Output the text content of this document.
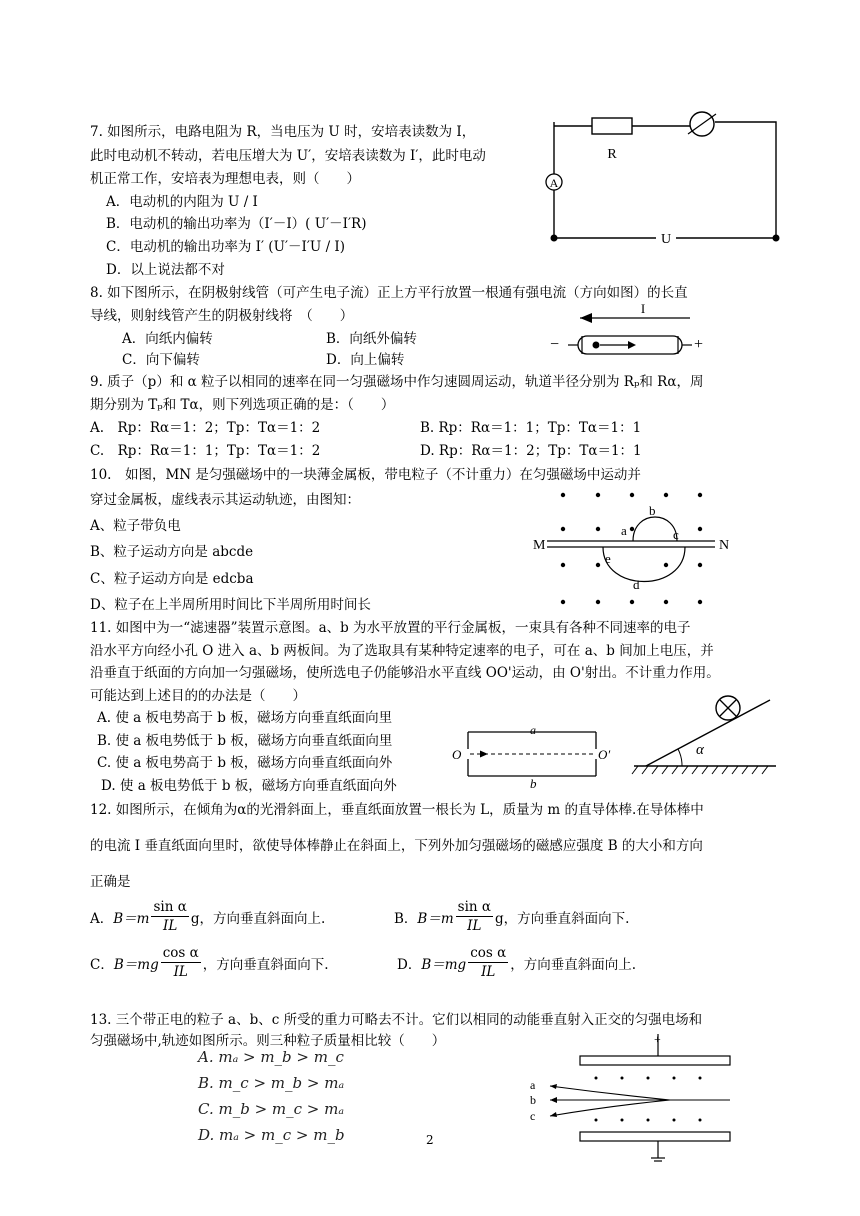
7. 如图所示，电路电阻为 R，当电压为 U 时，安培表读数为 I，
此时电动机不转动，若电压增大为 U′，安培表读数为 I′，此时电动
机正常工作，安培表为理想电表，则（　　）
A．电动机的内阻为 U / I
B．电动机的输出功率为（I′－I）( U′－I′R)
C．电动机的输出功率为 I′ (U′－I′U / I)
D．以上说法都不对
A
R
U
8. 如下图所示，在阴极射线管（可产生电子流）正上方平行放置一根通有强电流（方向如图）的长直
导线，则射线管产生的阴极射线将　（　　）
A．向纸内偏转	B．向纸外偏转
C．向下偏转	D．向上偏转
I
−	+
9. 质子（p）和 α 粒子以相同的速率在同一匀强磁场中作匀速圆周运动，轨道半径分别为 Rₚ和 Rα，周
期分别为 Tₚ和 Tα，则下列选项正确的是：（　　）
A.　Rp：Rα＝1：2；Tp：Tα＝1：2	B. Rp：Rα＝1：1；Tp：Tα＝1：1
C.　Rp：Rα＝1：1；Tp：Tα＝1：2	D. Rp：Rα＝1：2；Tp：Tα＝1：1
10.　如图，MN 是匀强磁场中的一块薄金属板，带电粒子（不计重力）在匀强磁场中运动并
穿过金属板，虚线表示其运动轨迹，由图知：
A、粒子带负电
B、粒子运动方向是 abcde
C、粒子运动方向是 edcba
D、粒子在上半周所用时间比下半周所用时间长
M	N
a
b
c
d
e
11. 如图中为一“滤速器”装置示意图。a、b 为水平放置的平行金属板，一束具有各种不同速率的电子
沿水平方向经小孔 O 进入 a、b 两板间。为了选取具有某种特定速率的电子，可在 a、b 间加上电压，并
沿垂直于纸面的方向加一匀强磁场，使所选电子仍能够沿水平直线 OO'运动，由 O'射出。不计重力作用。
可能达到上述目的的办法是（　　）
A. 使 a 板电势高于 b 板，磁场方向垂直纸面向里
B. 使 a 板电势低于 b 板，磁场方向垂直纸面向里
C. 使 a 板电势高于 b 板，磁场方向垂直纸面向外
D. 使 a 板电势低于 b 板，磁场方向垂直纸面向外
a
b
O	O′	α
12. 如图所示，在倾角为α的光滑斜面上，垂直纸面放置一根长为 L，质量为 m 的直导体棒.在导体棒中
的电流 I 垂直纸面向里时，欲使导体棒静止在斜面上，下列外加匀强磁场的磁感应强度 B 的大小和方向
正确是
A． $B=m \frac{\text{sin α}}{IL}$ g，方向垂直斜面向上.	B． $B=m \frac{\text{sin α}}{IL}$ g，方向垂直斜面向下.
C． $B=mg \frac{\text{cos α}}{IL}$ ，方向垂直斜面向下.	D． $B=mg \frac{\text{cos α}}{IL}$ ，方向垂直斜面向上.
13. 三个带正电的粒子 a、b、c 所受的重力可略去不计。它们以相同的动能垂直射入正交的匀强电场和
匀强磁场中,轨迹如图所示。则三种粒子质量相比较（　　）
A. mₐ > m_b > m_c
B. m_c > m_b > mₐ
C. m_b > m_c > mₐ
D. mₐ > m_c > m_b
+
a
b
c
2
